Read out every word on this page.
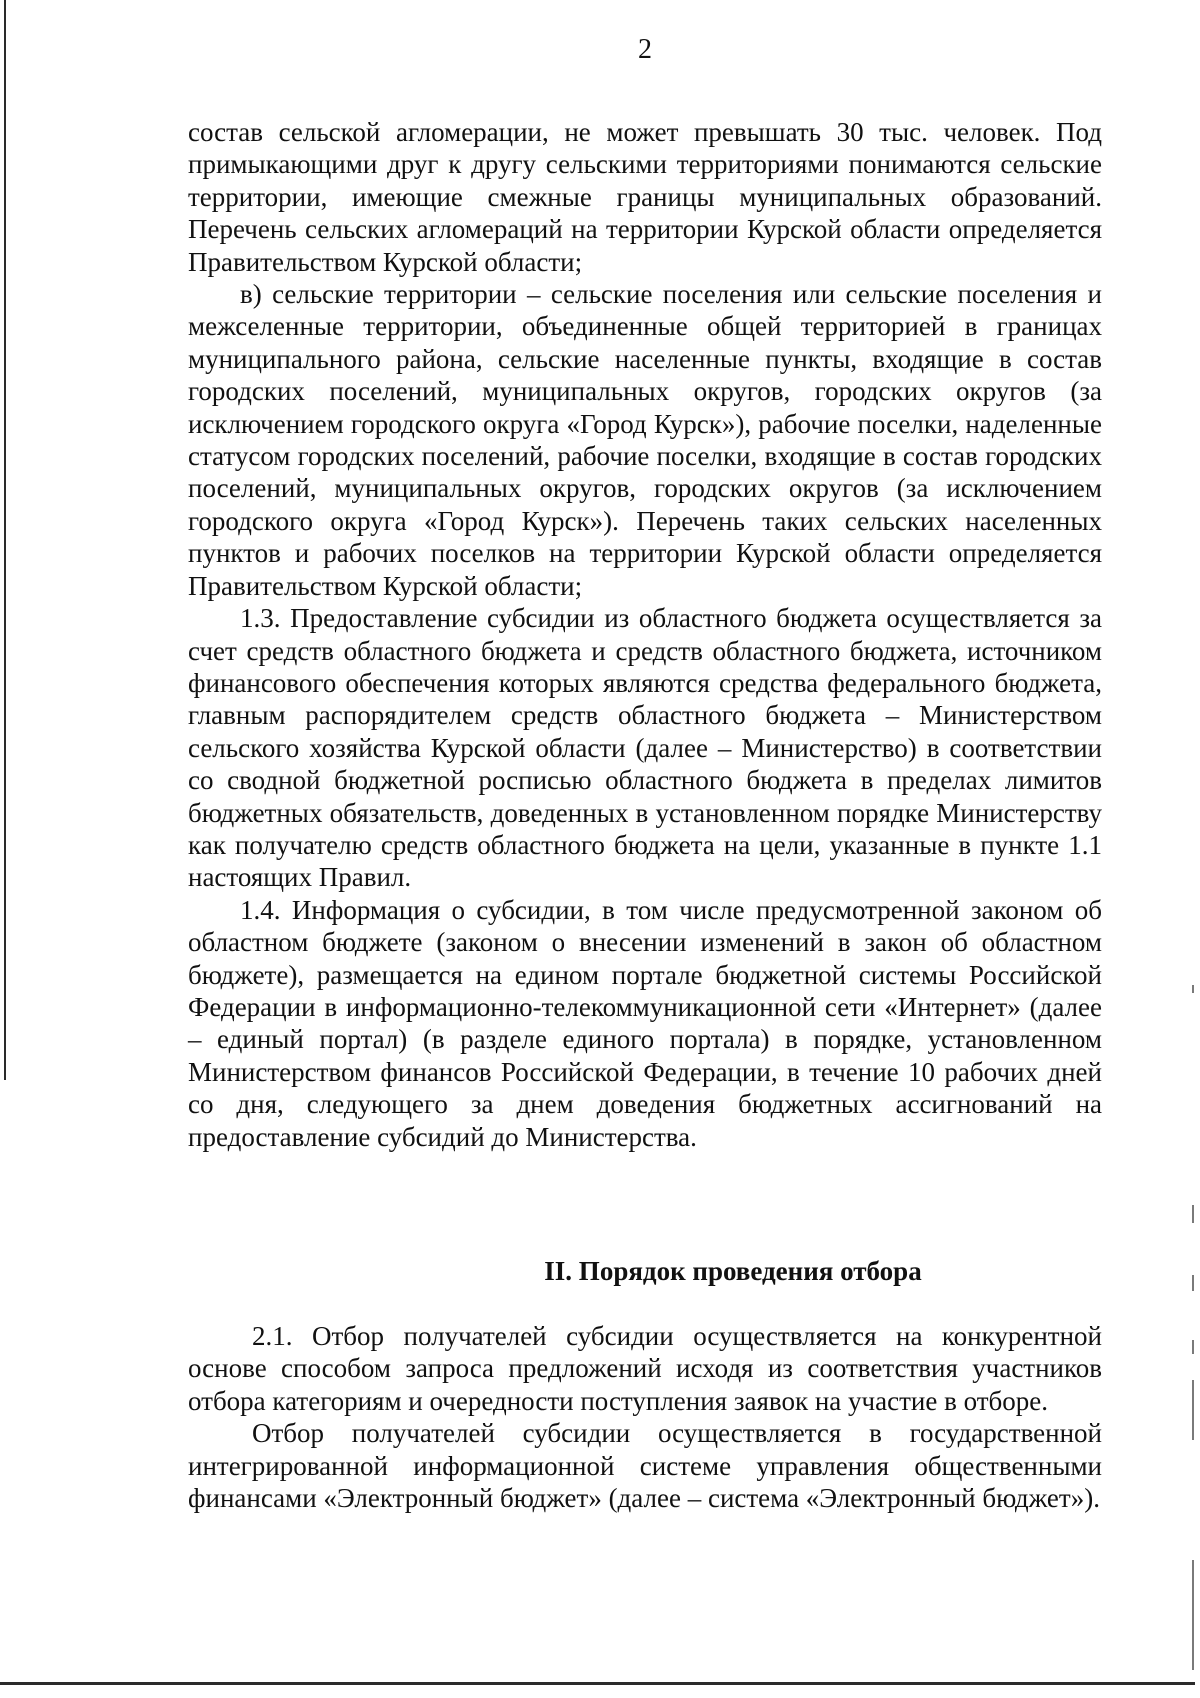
2

состав сельской агломерации, не может превышать 30 тыс. человек. Под примыкающими друг к другу сельскими территориями понимаются сельские территории, имеющие смежные границы муниципальных образований. Перечень сельских агломераций на территории Курской области определяется Правительством Курской области;

в) сельские территории – сельские поселения или сельские поселения и межселенные территории, объединенные общей территорией в границах муниципального района, сельские населенные пункты, входящие в состав городских поселений, муниципальных округов, городских округов (за исключением городского округа «Город Курск»), рабочие поселки, наделенные статусом городских поселений, рабочие поселки, входящие в состав городских поселений, муниципальных округов, городских округов (за исключением городского округа «Город Курск»). Перечень таких сельских населенных пунктов и рабочих поселков на территории Курской области определяется Правительством Курской области;

1.3. Предоставление субсидии из областного бюджета осуществляется за счет средств областного бюджета и средств областного бюджета, источником финансового обеспечения которых являются средства федерального бюджета, главным распорядителем средств областного бюджета – Министерством сельского хозяйства Курской области (далее – Министерство) в соответствии со сводной бюджетной росписью областного бюджета в пределах лимитов бюджетных обязательств, доведенных в установленном порядке Министерству как получателю средств областного бюджета на цели, указанные в пункте 1.1 настоящих Правил.

1.4. Информация о субсидии, в том числе предусмотренной законом об областном бюджете (законом о внесении изменений в закон об областном бюджете), размещается на едином портале бюджетной системы Российской Федерации в информационно-телекоммуникационной сети «Интернет» (далее – единый портал) (в разделе единого портала) в порядке, установленном Министерством финансов Российской Федерации, в течение 10 рабочих дней со дня, следующего за днем доведения бюджетных ассигнований на предоставление субсидий до Министерства.

II. Порядок проведения отбора

2.1. Отбор получателей субсидии осуществляется на конкурентной основе способом запроса предложений исходя из соответствия участников отбора категориям и очередности поступления заявок на участие в отборе.

Отбор получателей субсидии осуществляется в государственной интегрированной информационной системе управления общественными финансами «Электронный бюджет» (далее – система «Электронный бюджет»).
